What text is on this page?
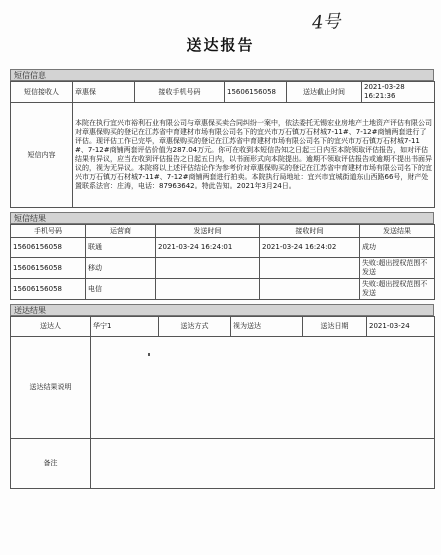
4号
送达报告
短信信息
短信接收人	章惠保	接收手机号码	15606156058	送达截止时间	2021-03-28 16:21:36
短信内容	本院在执行宜兴市裕利石业有限公司与章惠保买卖合同纠纷一案中，依法委托无锡宏业房地产土地资产评估有限公司对章惠保购买的登记在江苏省中育建材市场有限公司名下的宜兴市万石镇万石材城7-11#、7-12#商铺两套进行了评估。现评估工作已完毕，章惠保购买的登记在江苏省中育建材市场有限公司名下的宜兴市万石镇万石材城7-11#、7-12#商铺两套评估价值为287.04万元。你可在收到本短信告知之日起三日内至本院领取评估报告，如对评估结果有异议，应当在收到评估报告之日起五日内，以书面形式向本院提出。逾期不领取评估报告或逾期不提出书面异议的，视为无异议。本院将以上述评估结论作为参考价对章惠保购买的登记在江苏省中育建材市场有限公司名下的宜兴市万石镇万石材城7-11#、7-12#商铺两套进行拍卖。本院执行局地址：宜兴市宜城街道东山西路66号，财产处置联系法官：庄涛，电话：87963642。特此告知。2021年3月24日。				
短信结果
手机号码	运营商	发送时间	接收时间	发送结果
15606156058	联通	2021-03-24 16:24:01	2021-03-24 16:24:02	成功
15606156058	移动			失败:超出授权范围不发送
15606156058	电信			失败:超出授权范围不发送
送达结果
送达人	华宁1	送达方式	视为送达	送达日期	2021-03-24
送达结果说明					
备注					
